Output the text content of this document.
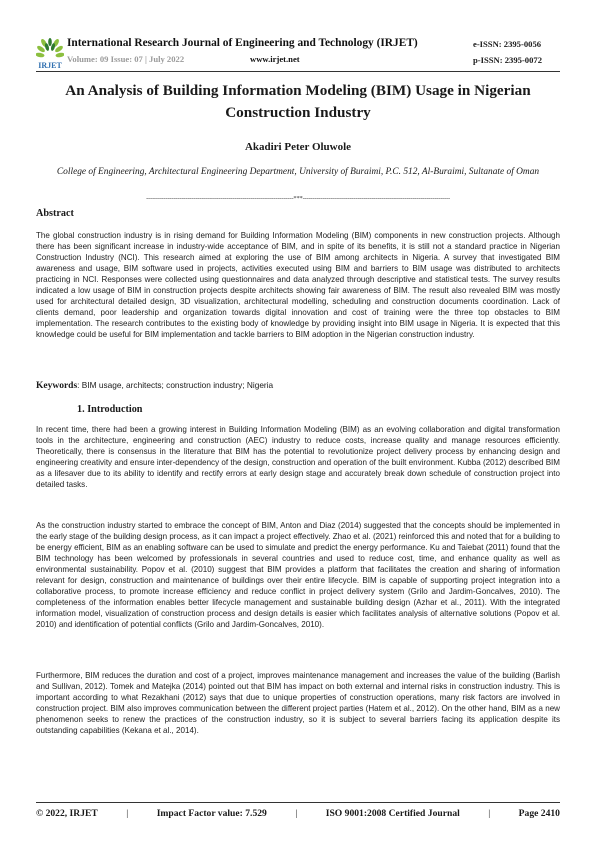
IRJET
International Research Journal of Engineering and Technology (IRJET)
Volume: 09 Issue: 07 | July 2022	www.irjet.net
e-ISSN: 2395-0056
p-ISSN: 2395-0072
An Analysis of Building Information Modeling (BIM) Usage in Nigerian Construction Industry
Akadiri Peter Oluwole
College of Engineering, Architectural Engineering Department, University of Buraimi, P.C. 512, Al-Buraimi, Sultanate of Oman
---------------------------------------------------------------------------***---------------------------------------------------------------------------
Abstract
The global construction industry is in rising demand for Building Information Modeling (BIM) components in new construction projects. Although there has been significant increase in industry-wide acceptance of BIM, and in spite of its benefits, it is still not a standard practice in Nigerian Construction Industry (NCI). This research aimed at exploring the use of BIM among architects in Nigeria. A survey that investigated BIM awareness and usage, BIM software used in projects, activities executed using BIM and barriers to BIM usage was distributed to architects practicing in NCI. Responses were collected using questionnaires and data analyzed through descriptive and statistical tests. The survey results indicated a low usage of BIM in construction projects despite architects showing fair awareness of BIM. The result also revealed BIM was mostly used for architectural detailed design, 3D visualization, architectural modelling, scheduling and construction documents coordination. Lack of clients demand, poor leadership and organization towards digital innovation and cost of training were the three top obstacles to BIM implementation. The research contributes to the existing body of knowledge by providing insight into BIM usage in Nigeria. It is expected that this knowledge could be useful for BIM implementation and tackle barriers to BIM adoption in the Nigerian construction industry.
Keywords: BIM usage, architects; construction industry; Nigeria
1. Introduction
In recent time, there had been a growing interest in Building Information Modeling (BIM) as an evolving collaboration and digital transformation tools in the architecture, engineering and construction (AEC) industry to reduce costs, increase quality and manage resources efficiently. Theoretically, there is consensus in the literature that BIM has the potential to revolutionize project delivery process by enhancing design and engineering creativity and ensure inter-dependency of the design, construction and operation of the built environment. Kubba (2012) described BIM as a lifesaver due to its ability to identify and rectify errors at early design stage and accurately break down schedule of construction project into detailed tasks.
As the construction industry started to embrace the concept of BIM, Anton and Diaz (2014) suggested that the concepts should be implemented in the early stage of the building design process, as it can impact a project effectively. Zhao et al. (2021) reinforced this and noted that for a building to be energy efficient, BIM as an enabling software can be used to simulate and predict the energy performance. Ku and Taiebat (2011) found that the BIM technology has been welcomed by professionals in several countries and used to reduce cost, time, and enhance quality as well as environmental sustainability. Popov et al. (2010) suggest that BIM provides a platform that facilitates the creation and sharing of information relevant for design, construction and maintenance of buildings over their entire lifecycle. BIM is capable of supporting project integration into a collaborative process, to promote increase efficiency and reduce conflict in project delivery system (Grilo and Jardim-Goncalves, 2010). The completeness of the information enables better lifecycle management and sustainable building design (Azhar et al., 2011). With the integrated information model, visualization of construction process and design details is easier which facilitates analysis of alternative solutions (Popov et al. 2010) and identification of potential conflicts (Grilo and Jardim-Goncalves, 2010).
Furthermore, BIM reduces the duration and cost of a project, improves maintenance management and increases the value of the building (Barlish and Sullivan, 2012). Tomek and Matejka (2014) pointed out that BIM has impact on both external and internal risks in construction industry. This is important according to what Rezakhani (2012) says that due to unique properties of construction operations, many risk factors are involved in construction project. BIM also improves communication between the different project parties (Hatem et al., 2012). On the other hand, BIM as a new phenomenon seeks to renew the practices of the construction industry, so it is subject to several barriers facing its application despite its outstanding capabilities (Kekana et al., 2014).
© 2022, IRJET	|	Impact Factor value: 7.529	|	ISO 9001:2008 Certified Journal	|	Page 2410
